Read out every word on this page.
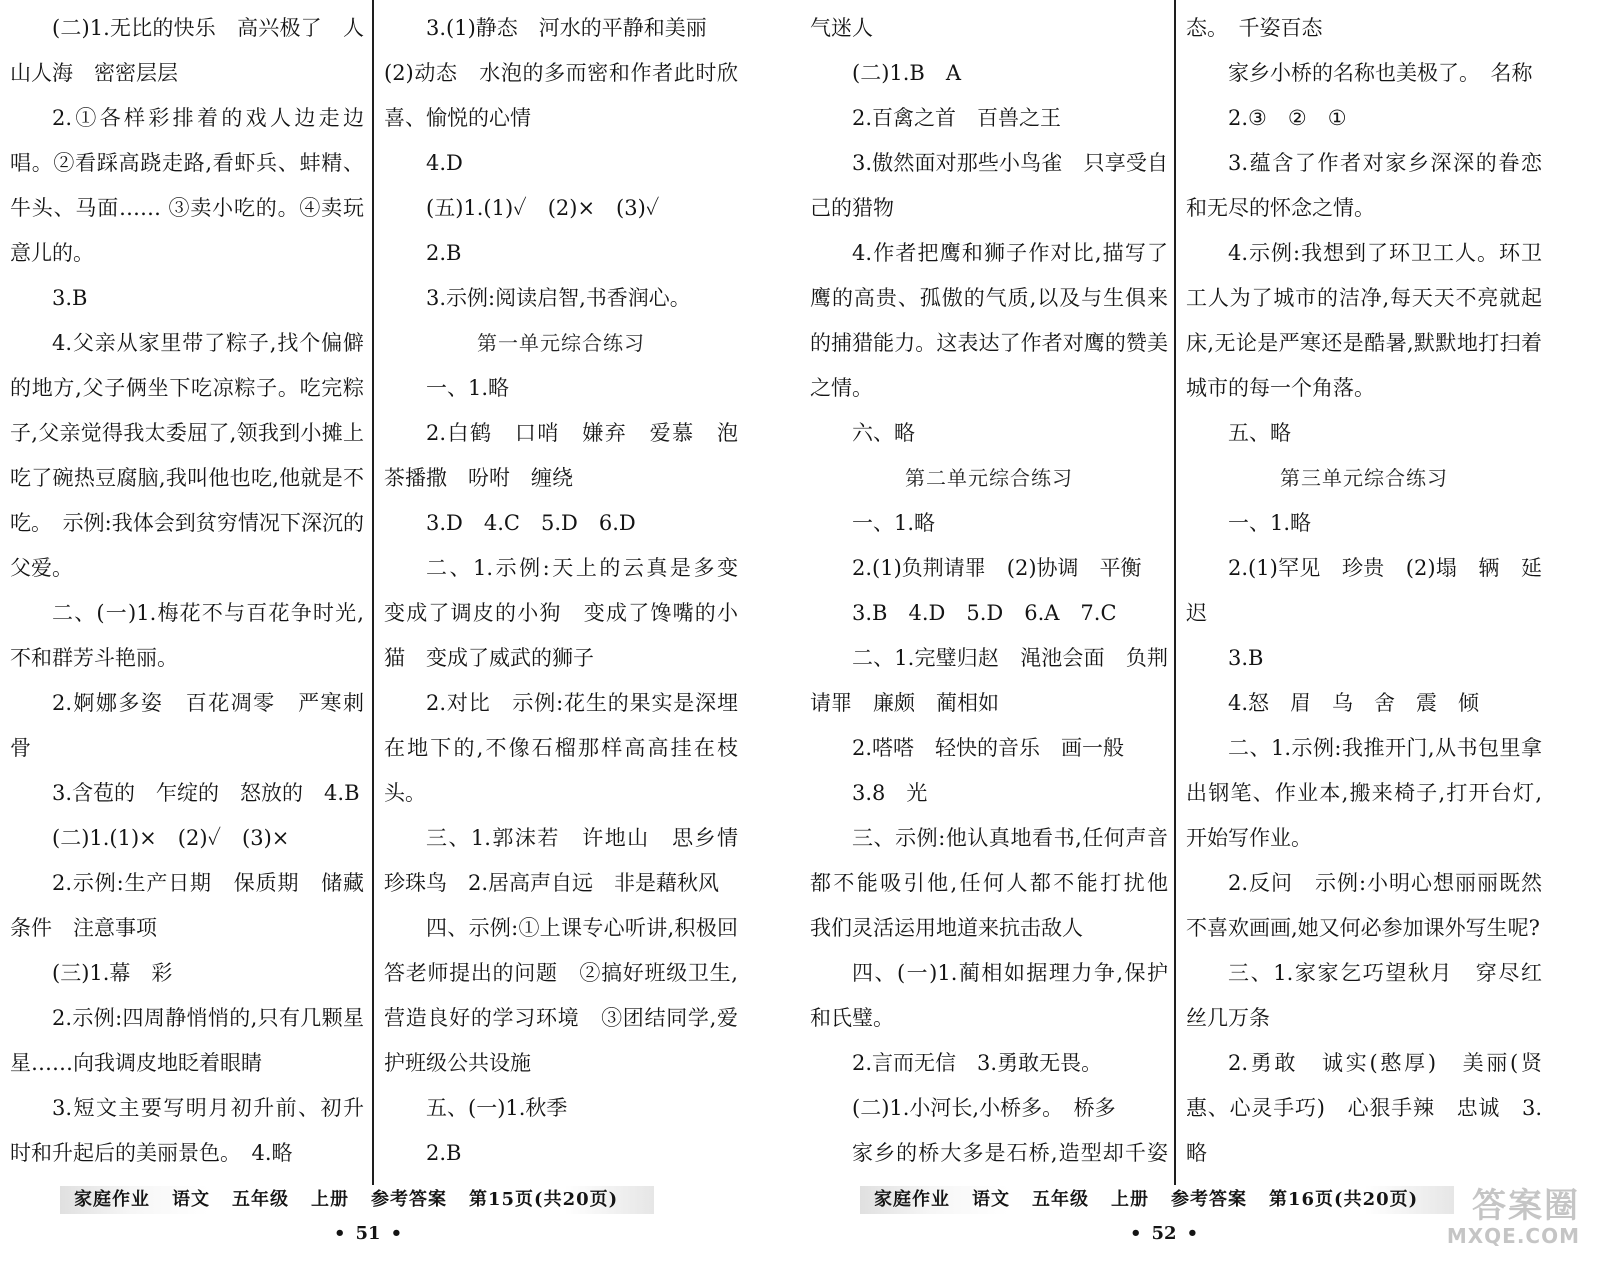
(二)1.无比的快乐　高兴极了　人山人海　密密层层

2.①各样彩排着的戏人边走边唱。②看踩高跷走路,看虾兵、蚌精、牛头、马面…… ③卖小吃的。④卖玩意儿的。

3.B

4.父亲从家里带了粽子,找个偏僻的地方,父子俩坐下吃凉粽子。吃完粽子,父亲觉得我太委屈了,领我到小摊上吃了碗热豆腐脑,我叫他也吃,他就是不吃。　示例:我体会到贫穷情况下深沉的父爱。

二、(一)1.梅花不与百花争时光,不和群芳斗艳丽。

2.婀娜多姿　百花凋零　严寒刺骨

3.含苞的　乍绽的　怒放的　4.B

(二)1.(1)×　(2)✓　(3)×

2.示例:生产日期　保质期　储藏条件　注意事项

(三)1.幕　彩

2.示例:四周静悄悄的,只有几颗星星……向我调皮地眨着眼睛

3.短文主要写明月初升前、初升时和升起后的美丽景色。　4.略

3.(1)静态　河水的平静和美丽

(2)动态　水泡的多而密和作者此时欣喜、愉悦的心情

4.D

(五)1.(1)✓　(2)×　(3)✓

2.B

3.示例:阅读启智,书香润心。

第一单元综合练习

一、1.略

2.白鹤　口哨　嫌弃　爱慕　泡茶播撒　吩咐　缠绕

3.D　4.C　5.D　6.D

二、1.示例:天上的云真是多变　变成了调皮的小狗　变成了馋嘴的小猫　变成了威武的狮子

2.对比　示例:花生的果实是深埋在地下的,不像石榴那样高高挂在枝头。

三、1.郭沫若　许地山　思乡情　珍珠鸟　2.居高声自远　非是藉秋风

四、示例:①上课专心听讲,积极回答老师提出的问题　②搞好班级卫生,营造良好的学习环境　③团结同学,爱护班级公共设施

五、(一)1.秋季

2.B

家庭作业 语文 五年级 上册 参考答案 第15页(共20页)
• 51 •

气迷人

(二)1.B　A

2.百禽之首　百兽之王

3.傲然面对那些小鸟雀　只享受自己的猎物

4.作者把鹰和狮子作对比,描写了鹰的高贵、孤傲的气质,以及与生俱来的捕猎能力。这表达了作者对鹰的赞美之情。

六、略

第二单元综合练习

一、1.略

2.(1)负荆请罪　(2)协调　平衡

3.B　4.D　5.D　6.A　7.C

二、1.完璧归赵　渑池会面　负荆请罪　廉颇　蔺相如

2.嗒嗒　轻快的音乐　画一般

3.8　光

三、示例:他认真地看书,任何声音都不能吸引他,任何人都不能打扰他　我们灵活运用地道来抗击敌人

四、(一)1.蔺相如据理力争,保护和氏璧。

2.言而无信　3.勇敢无畏。

(二)1.小河长,小桥多。　桥多

家乡的桥大多是石桥,造型却千姿

态。　千姿百态

家乡小桥的名称也美极了。　名称

2.③　②　①

3.蕴含了作者对家乡深深的眷恋和无尽的怀念之情。

4.示例:我想到了环卫工人。环卫工人为了城市的洁净,每天天不亮就起床,无论是严寒还是酷暑,默默地打扫着城市的每一个角落。

五、略

第三单元综合练习

一、1.略

2.(1)罕见　珍贵　(2)塌　辆　延迟

3.B

4.怒　眉　乌　舍　震　倾

二、1.示例:我推开门,从书包里拿出钢笔、作业本,搬来椅子,打开台灯,开始写作业。

2.反问　示例:小明心想丽丽既然不喜欢画画,她又何必参加课外写生呢?

三、1.家家乞巧望秋月　穿尽红丝几万条

2.勇敢　诚实(憨厚)　美丽(贤惠、心灵手巧)　心狠手辣　忠诚　3.略

家庭作业 语文 五年级 上册 参考答案 第16页(共20页)
• 52 •
答案圈
MXQE.COM
